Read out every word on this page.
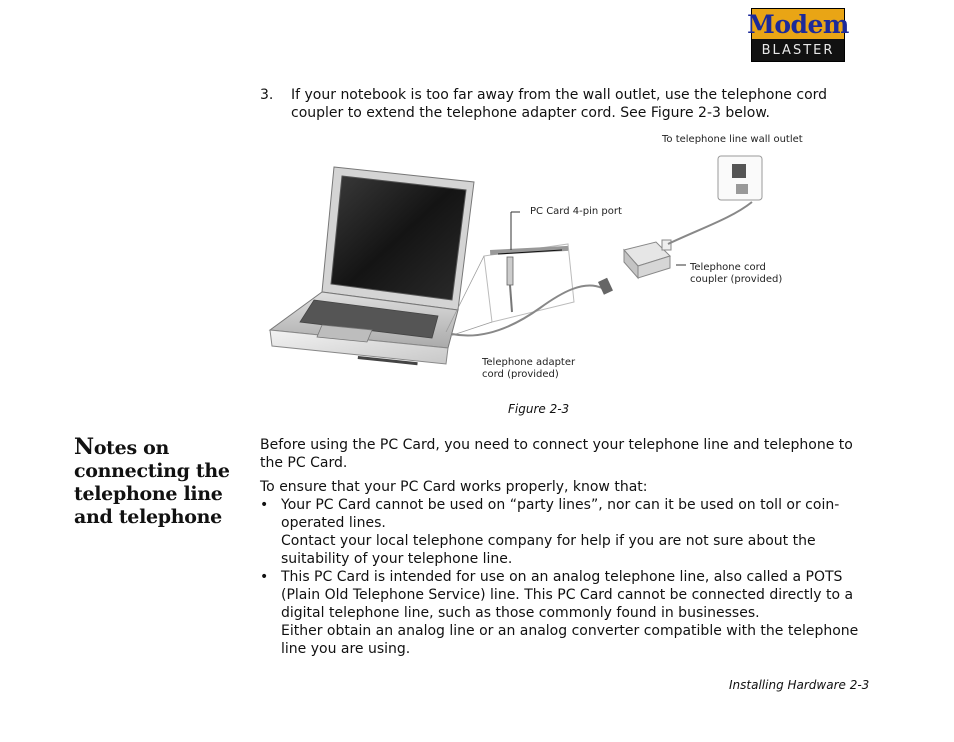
Modem
BLASTER
3. If your notebook is too far away from the wall outlet, use the telephone cord coupler to extend the telephone adapter cord. See Figure 2-3 below.
To telephone line wall outlet
PC Card 4-pin port
Telephone cord
coupler (provided)
Telephone adapter
cord (provided)
Figure 2-3
Notes on connecting the telephone line and telephone

Before using the PC Card, you need to connect your telephone line and telephone to the PC Card.

To ensure that your PC Card works properly, know that:

• Your PC Card cannot be used on “party lines”, nor can it be used on toll or coin-operated lines.
Contact your local telephone company for help if you are not sure about the suitability of your telephone line.
• This PC Card is intended for use on an analog telephone line, also called a POTS (Plain Old Telephone Service) line. This PC Card cannot be connected directly to a digital telephone line, such as those commonly found in businesses.
Either obtain an analog line or an analog converter compatible with the telephone line you are using.
Installing Hardware 2-3
